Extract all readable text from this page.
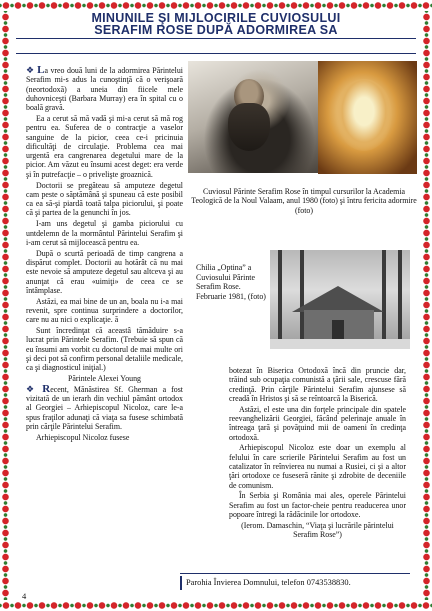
MINUNILE ŞI MIJLOCIRILE CUVIOSULUI
SERAFIM ROSE DUPĂ ADORMIREA SA

❖ La vreo două luni de la adormirea Părintelui Serafim mi-s adus la cunoştinţă că o verişoară (neortodoxă) a uneia din fiicele mele duhovniceşti (Barbara Murray) era în spital cu o boală gravă.

Ea a cerut să mă vadă şi mi-a cerut să mă rog pentru ea. Suferea de o contracţie a vaselor sanguine de la picior, ceea ce-i pricinuia dificultăţi de circulaţie. Problema cea mai urgentă era cangrenarea degetului mare de la picior. Am văzut eu însumi acest deget: era verde şi în putrefacţie – o privelişte groaznică.

Doctorii se pregăteau să amputeze degetul cam peste o săptămână şi spuneau că este posibil ca ea să-şi piardă toată talpa piciorului, şi poate că şi partea de la genunchi în jos.

I-am uns degetul şi gamba piciorului cu untdelemn de la mormântul Părintelui Serafim şi i-am cerut să mijlocească pentru ea.

După o scurtă perioadă de timp cangrena a dispărut complet. Doctorii au hotărât că nu mai este nevoie să amputeze degetul sau altceva şi au anunţat că erau «uimiţi» de ceea ce se întâmplase.

Astăzi, ea mai bine de un an, boala nu i-a mai revenit, spre continua surprindere a doctorilor, care nu au nici o explicaţie. ă

Sunt încredinţat că aceastâ tămăduire s-a lucrat prin Părintele Serafim. (Trebuie să spun că eu însumi am vorbit cu doctorul de mai multe ori şi deci pot să confirm personal detaliile medicale, ca şi diagnosticul iniţial.)

Părintele Alexei Young

❖ Recent, Mănăstirea Sf. Gherman a fost vizitată de un ierarh din vechiul pământ ortodox al Georgiei – Arhiepiscopul Nicoloz, care le-a spus fraţilor adunaţi că viaţa sa fusese schimbată prin cărţile Părintelui Serafim.

Arhiepiscopul Nicoloz fusese

Cuviosul Părinte Serafim Rose în timpul cursurilor la Academia Teologică de la Noul Valaam, anul 1980 (foto) şi întru fericita adormire (foto)
Chilia „Optina” a Cuviosului Părinte Serafim Rose. Februarie 1981, (foto)

botezat în Biserica Ortodoxă încă din pruncie dar, trăind sub ocupaţia comunistă a ţării sale, crescuse fără credinţă. Prin cărţile Părintelui Serafim ajunsese să creadă în Hristos şi să se reîntoarcă la Biserică.

Astăzi, el este una din forţele principale din spatele reevanghelizării Georgiei, făcând pelerinaje anuale în întreaga ţară şi povăţuind mii de oameni în credinţa ortodoxă.

Arhiepiscopul Nicoloz este doar un exemplu al felului în care scrierile Părintelui Serafim au fost un catalizator în reînvierea nu numai a Rusiei, ci şi a altor ţări ortodoxe ce fuseseră rănite şi zdrobite de deceniile de comunism.

În Serbia şi România mai ales, operele Părintelui Serafim au fost un factor-cheie pentru readucerea unor popoare întregi la rădăcinile lor ortodoxe.

(Ierom. Damaschin, “Viaţa şi lucrările părintelui Serafim Rose”)

Parohia Învierea Domnului, telefon 0743538830.
4
